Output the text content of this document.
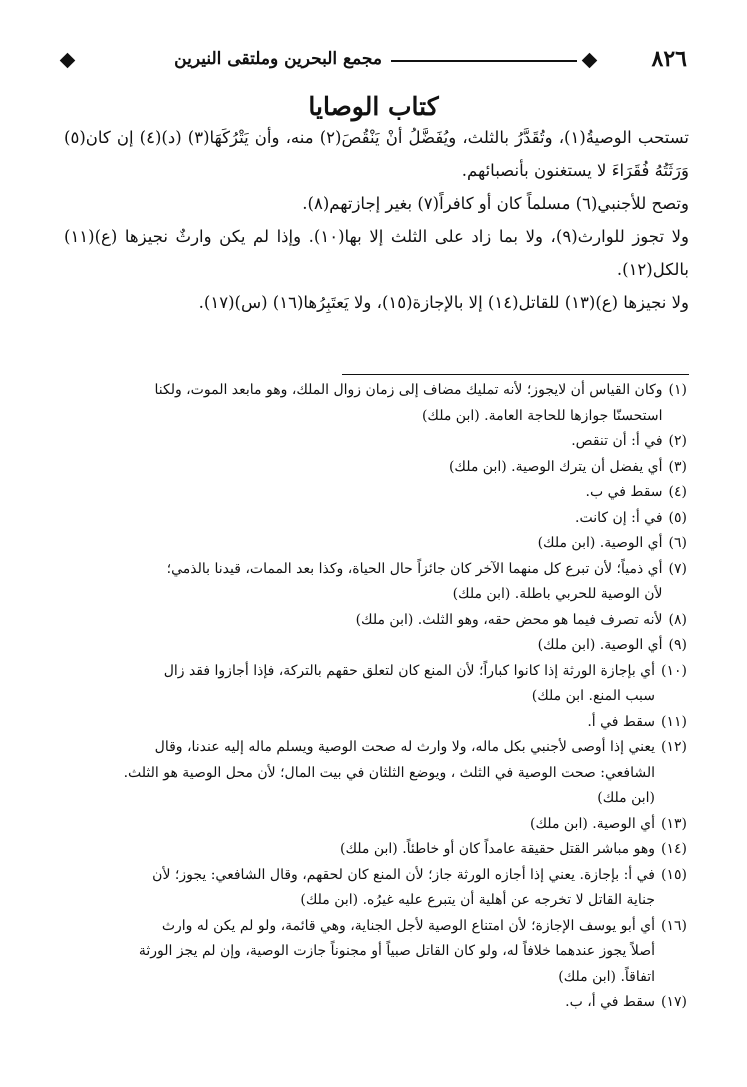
٨٢٦
مجمع البحرين وملتقى النيرين
كتاب الوصايا

تستحب الوصيةُ(١)، وتُقَدَّرُ بالثلث، ويُفَضَّلُ أنْ يَنْقُصَ(٢) منه، وأن يَتْرُكَهَا(٣) (د)(٤) إن كان(٥) وَرَثَتُهُ فُقَرَاءَ لا يستغنون بأنصبائهم.

وتصح للأجنبي(٦) مسلماً كان أو كافراً(٧) بغير إجازتهم(٨).

ولا تجوز للوارث(٩)، ولا بما زاد على الثلث إلا بها(١٠). وإذا لم يكن وارثٌ نجيزها (ع)(١١) بالكل(١٢).

ولا نجيزها (ع)(١٣) للقاتل(١٤) إلا بالإجازة(١٥)، ولا يَعتَبِرُها(١٦) (س)(١٧).

(١)
وكان القياس أن لايجوز؛ لأنه تمليك مضاف إلى زمان زوال الملك، وهو مابعد الموت، ولكنا
استحسنّا جوازها للحاجة العامة. (ابن ملك)
(٢)
في أ: أن تنقص.
(٣)
أي يفضل أن يترك الوصية. (ابن ملك)
(٤)
سقط في ب.
(٥)
في أ: إن كانت.
(٦)
أي الوصية. (ابن ملك)
(٧)
أي ذمياً؛ لأن تبرع كل منهما الآخر كان جائزاً حال الحياة، وكذا بعد الممات، قيدنا بالذمي؛
لأن الوصية للحربي باطلة. (ابن ملك)
(٨)
لأنه تصرف فيما هو محض حقه، وهو الثلث. (ابن ملك)
(٩)
أي الوصية. (ابن ملك)
(١٠)
أي بإجازة الورثة إذا كانوا كباراً؛ لأن المنع كان لتعلق حقهم بالتركة، فإذا أجازوا فقد زال
سبب المنع. ابن ملك)
(١١)
سقط في أ.
(١٢)
يعني إذا أوصى لأجنبي بكل ماله، ولا وارث له صحت الوصية ويسلم ماله إليه عندنا، وقال
الشافعي: صحت الوصية في الثلث ، ويوضع الثلثان في بيت المال؛ لأن محل الوصية هو الثلث.
(ابن ملك)
(١٣)
أي الوصية. (ابن ملك)
(١٤)
وهو مباشر القتل حقيقة عامداً كان أو خاطئاً. (ابن ملك)
(١٥)
في أ: بإجازة. يعني إذا أجازه الورثة جاز؛ لأن المنع كان لحقهم، وقال الشافعي: يجوز؛ لأن
جناية القاتل لا تخرجه عن أهلية أن يتبرع عليه غيرُه. (ابن ملك)
(١٦)
أي أبو يوسف الإجازة؛ لأن امتناع الوصية لأجل الجناية، وهي قائمة، ولو لم يكن له وارث
أصلاً يجوز عندهما خلافاً له، ولو كان القاتل صبياً أو مجنوناً جازت الوصية، وإن لم يجز الورثة
اتفاقاً. (ابن ملك)
(١٧)
سقط في أ، ب.
